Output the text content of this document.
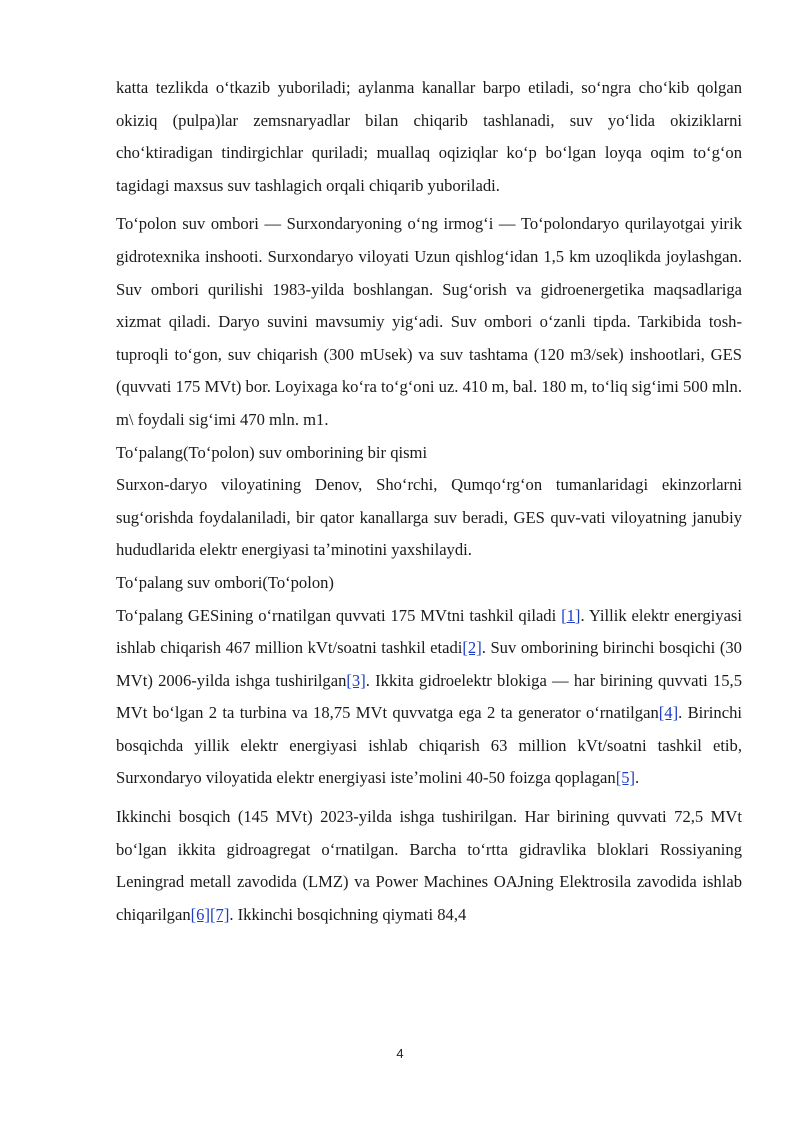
katta tezlikda oʻtkazib yuboriladi; aylanma kanallar barpo etiladi, soʻngra choʻkib qolgan okiziq (pulpa)lar zemsnaryadlar bilan chiqarib tashlanadi, suv yoʻlida okiziklarni choʻktiradigan tindirgichlar quriladi; muallaq oqiziqlar koʻp boʻlgan loyqa oqim toʻgʻon tagidagi maxsus suv tashlagich orqali chiqarib yuboriladi.

Toʻpolon suv ombori — Surxondaryoning oʻng irmogʻi — Toʻpolondaryo qurilayotgai yirik gidrotexnika inshooti. Surxondaryo viloyati Uzun qishlogʻidan 1,5 km uzoqlikda joylashgan. Suv ombori qurilishi 1983-yilda boshlangan. Sugʻorish va gidroenergetika maqsadlariga xizmat qiladi. Daryo suvini mavsumiy yigʻadi. Suv ombori oʻzanli tipda. Tarkibida tosh-tuproqli toʻgon, suv chiqarish (300 mUsek) va suv tashtama (120 m3/sek) inshootlari, GES (quvvati 175 MVt) bor. Loyixaga koʻra toʻgʻoni uz. 410 m, bal. 180 m, toʻliq sigʻimi 500 mln. m\ foydali sigʻimi 470 mln. m1.

Toʻpalang(Toʻpolon) suv omborining bir qismi

Surxon-daryo viloyatining Denov, Shoʻrchi, Qumqoʻrgʻon tumanlaridagi ekinzorlarni sugʻorishda foydalaniladi, bir qator kanallarga suv beradi, GES quv-vati viloyatning janubiy hududlarida elektr energiyasi taʼminotini yaxshilaydi.

Toʻpalang suv ombori(Toʻpolon)

Toʻpalang GESining oʻrnatilgan quvvati 175 MVtni tashkil qiladi [1]. Yillik elektr energiyasi ishlab chiqarish 467 million kVt/soatni tashkil etadi[2]. Suv omborining birinchi bosqichi (30 MVt) 2006-yilda ishga tushirilgan[3]. Ikkita gidroelektr blokiga — har birining quvvati 15,5 MVt boʻlgan 2 ta turbina va 18,75 MVt quvvatga ega 2 ta generator oʻrnatilgan[4]. Birinchi bosqichda yillik elektr energiyasi ishlab chiqarish 63 million kVt/soatni tashkil etib, Surxondaryo viloyatida elektr energiyasi isteʼmolini 40-50 foizga qoplagan[5].

Ikkinchi bosqich (145 MVt) 2023-yilda ishga tushirilgan. Har birining quvvati 72,5 MVt boʻlgan ikkita gidroagregat oʻrnatilgan. Barcha toʻrtta gidravlika bloklari Rossiyaning Leningrad metall zavodida (LMZ) va Power Machines OAJning Elektrosila zavodida ishlab chiqarilgan[6][7]. Ikkinchi bosqichning qiymati 84,4

4
